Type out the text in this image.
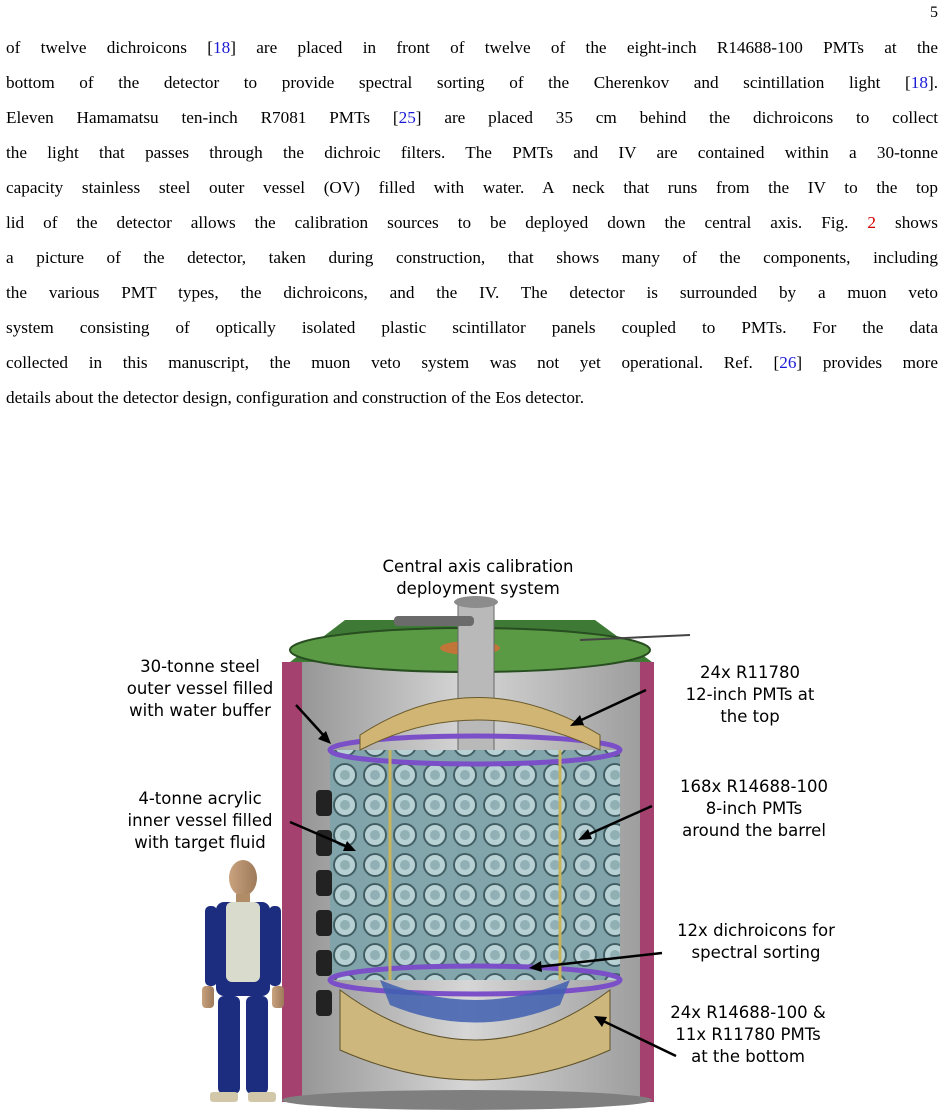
5
of twelve dichroicons [18] are placed in front of twelve of the eight-inch R14688-100 PMTs at the
bottom of the detector to provide spectral sorting of the Cherenkov and scintillation light [18].
Eleven Hamamatsu ten-inch R7081 PMTs [25] are placed 35 cm behind the dichroicons to collect
the light that passes through the dichroic filters. The PMTs and IV are contained within a 30-tonne
capacity stainless steel outer vessel (OV) filled with water. A neck that runs from the IV to the top
lid of the detector allows the calibration sources to be deployed down the central axis. Fig. 2 shows
a picture of the detector, taken during construction, that shows many of the components, including
the various PMT types, the dichroicons, and the IV. The detector is surrounded by a muon veto
system consisting of optically isolated plastic scintillator panels coupled to PMTs. For the data
collected in this manuscript, the muon veto system was not yet operational. Ref. [26] provides more
details about the detector design, configuration and construction of the Eos detector.
Central axis calibration
deployment system
30-tonne steel
outer vessel filled
with water buffer
4-tonne acrylic
inner vessel filled
with target fluid
24x R11780
12-inch PMTs at
the top
168x R14688-100
8-inch PMTs
around the barrel
12x dichroicons for
spectral sorting
24x R14688-100 &
11x R11780 PMTs
at the bottom
